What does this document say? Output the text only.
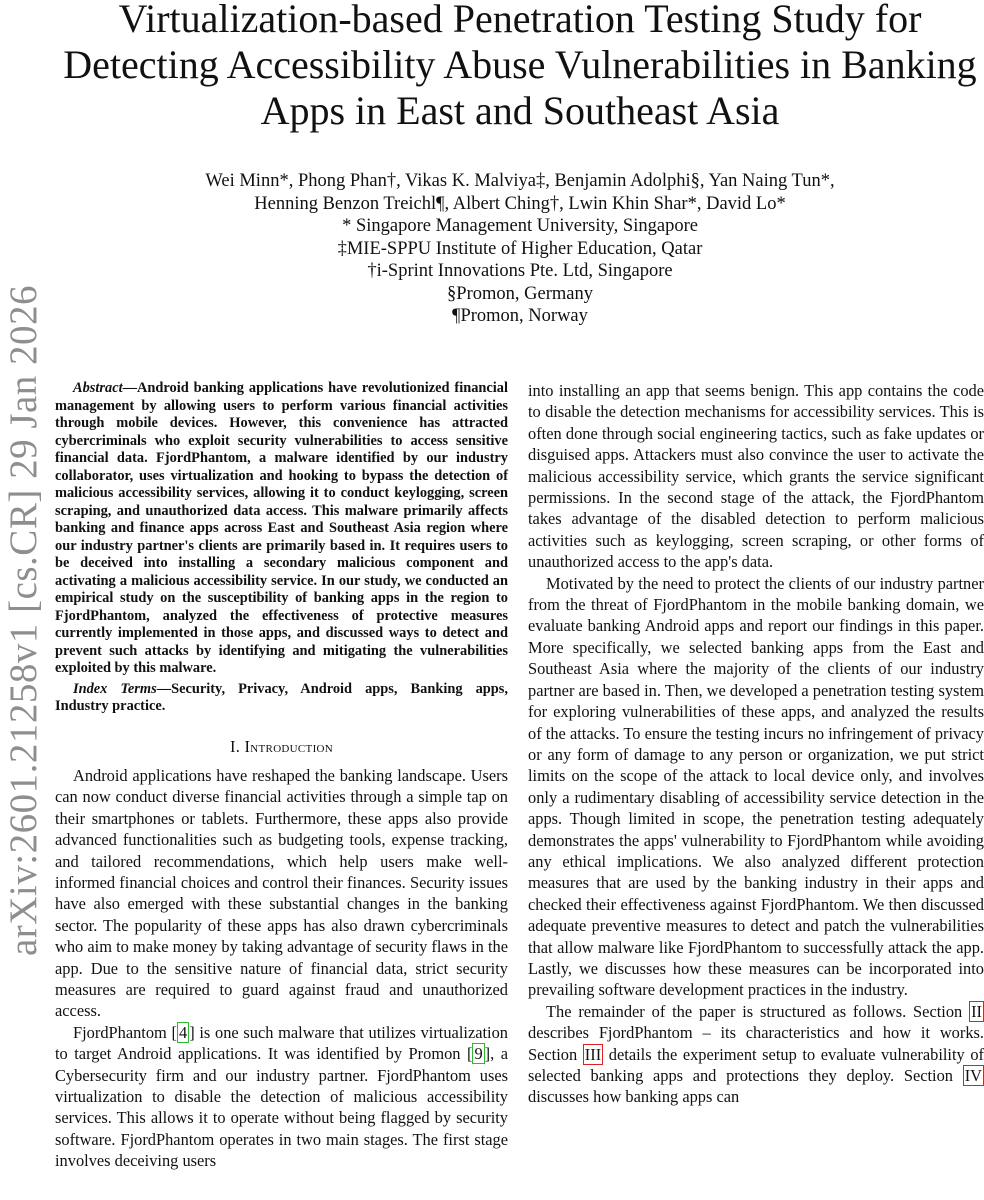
arXiv:2601.21258v1 [cs.CR] 29 Jan 2026
Virtualization-based Penetration Testing Study for Detecting Accessibility Abuse Vulnerabilities in Banking Apps in East and Southeast Asia
Wei Minn*, Phong Phan†, Vikas K. Malviya‡, Benjamin Adolphi§, Yan Naing Tun*,
Henning Benzon Treichl¶, Albert Ching†, Lwin Khin Shar*, David Lo*
* Singapore Management University, Singapore
‡MIE-SPPU Institute of Higher Education, Qatar
†i-Sprint Innovations Pte. Ltd, Singapore
§Promon, Germany
¶Promon, Norway

Abstract—Android banking applications have revolutionized financial management by allowing users to perform various financial activities through mobile devices. However, this convenience has attracted cybercriminals who exploit security vulnerabilities to access sensitive financial data. FjordPhantom, a malware identified by our industry collaborator, uses virtualization and hooking to bypass the detection of malicious accessibility services, allowing it to conduct keylogging, screen scraping, and unauthorized data access. This malware primarily affects banking and finance apps across East and Southeast Asia region where our industry partner's clients are primarily based in. It requires users to be deceived into installing a secondary malicious component and activating a malicious accessibility service. In our study, we conducted an empirical study on the susceptibility of banking apps in the region to FjordPhantom, analyzed the effectiveness of protective measures currently implemented in those apps, and discussed ways to detect and prevent such attacks by identifying and mitigating the vulnerabilities exploited by this malware.

Index Terms—Security, Privacy, Android apps, Banking apps, Industry practice.

I. Introduction

Android applications have reshaped the banking landscape. Users can now conduct diverse financial activities through a simple tap on their smartphones or tablets. Furthermore, these apps also provide advanced functionalities such as budgeting tools, expense tracking, and tailored recommendations, which help users make well-informed financial choices and control their finances. Security issues have also emerged with these substantial changes in the banking sector. The popularity of these apps has also drawn cybercriminals who aim to make money by taking advantage of security flaws in the app. Due to the sensitive nature of financial data, strict security measures are required to guard against fraud and unauthorized access.

FjordPhantom [ 4 ] is one such malware that utilizes virtualization to target Android applications. It was identified by Promon [ 9 ], a Cybersecurity firm and our industry partner. FjordPhantom uses virtualization to disable the detection of malicious accessibility services. This allows it to operate without being flagged by security software. FjordPhantom operates in two main stages. The first stage involves deceiving users

into installing an app that seems benign. This app contains the code to disable the detection mechanisms for accessibility services. This is often done through social engineering tactics, such as fake updates or disguised apps. Attackers must also convince the user to activate the malicious accessibility service, which grants the service significant permissions. In the second stage of the attack, the FjordPhantom takes advantage of the disabled detection to perform malicious activities such as keylogging, screen scraping, or other forms of unauthorized access to the app's data.

Motivated by the need to protect the clients of our industry partner from the threat of FjordPhantom in the mobile banking domain, we evaluate banking Android apps and report our findings in this paper. More specifically, we selected banking apps from the East and Southeast Asia where the majority of the clients of our industry partner are based in. Then, we developed a penetration testing system for exploring vulnerabilities of these apps, and analyzed the results of the attacks. To ensure the testing incurs no infringement of privacy or any form of damage to any person or organization, we put strict limits on the scope of the attack to local device only, and involves only a rudimentary disabling of accessibility service detection in the apps. Though limited in scope, the penetration testing adequately demonstrates the apps' vulnerability to FjordPhantom while avoiding any ethical implications. We also analyzed different protection measures that are used by the banking industry in their apps and checked their effectiveness against FjordPhantom. We then discussed adequate preventive measures to detect and patch the vulnerabilities that allow malware like FjordPhantom to successfully attack the app. Lastly, we discusses how these measures can be incorporated into prevailing software development practices in the industry.

The remainder of the paper is structured as follows. Section II describes FjordPhantom – its characteristics and how it works. Section III details the experiment setup to evaluate vulnerability of selected banking apps and protections they deploy. Section IV discusses how banking apps can
